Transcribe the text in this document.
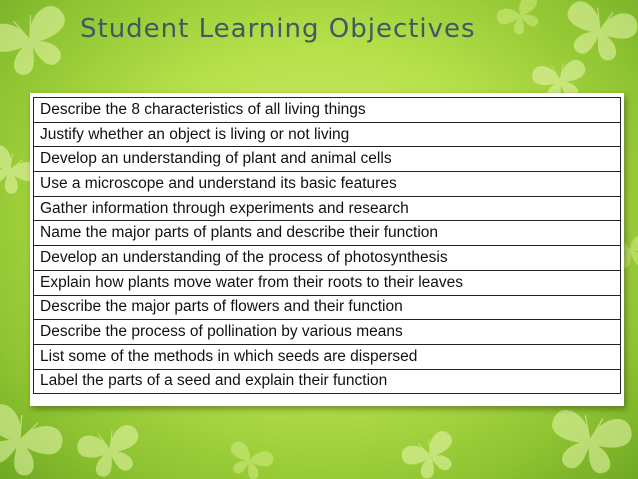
Student Learning Objectives
Describe the 8 characteristics of all living things
Justify whether an object is living or not living
Develop an understanding of plant and animal cells
Use a microscope and understand its basic features
Gather information through experiments and research
Name the major parts of plants and describe their function
Develop an understanding of the process of photosynthesis
Explain how plants move water from their roots to their leaves
Describe the major parts of flowers and their function
Describe the process of pollination by various means
List some of the methods in which seeds are dispersed
Label the parts of a seed and explain their function
